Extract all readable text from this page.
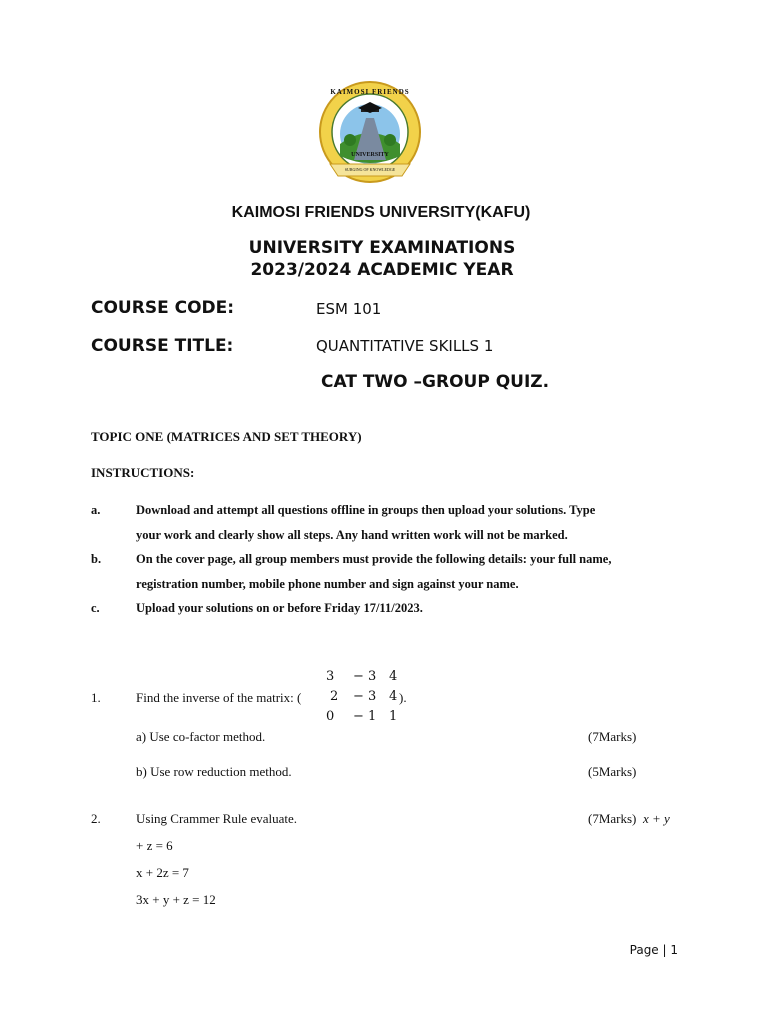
KAIMOSI FRIENDS
UNIVERSITY
SURGING OF KNOWLEDGE
KAIMOSI FRIENDS UNIVERSITY(KAFU)
UNIVERSITY EXAMINATIONS
2023/2024 ACADEMIC YEAR
COURSE CODE:	ESM 101
COURSE TITLE:	QUANTITATIVE SKILLS 1
CAT TWO –GROUP QUIZ.
TOPIC ONE (MATRICES AND SET THEORY)
INSTRUCTIONS:
a.	Download and attempt all questions offline in groups then upload your solutions. Type
your work and clearly show all steps. Any hand written work will not be marked.
b.	On the cover page, all group members must provide the following details: your full name,
registration number, mobile phone number and sign against your name.
c.	Upload your solutions on or before Friday 17/11/2023.
3 − 3 4
1.	Find the inverse of the matrix: ( 2 − 3 4 ).
0 − 1 1
a) Use co-factor method.	(7Marks)
b) Use row reduction method.	(5Marks)
2.	Using Crammer Rule evaluate.	(7Marks) x + y
+ z = 6
x + 2z = 7
3x + y + z = 12
Page | 1
